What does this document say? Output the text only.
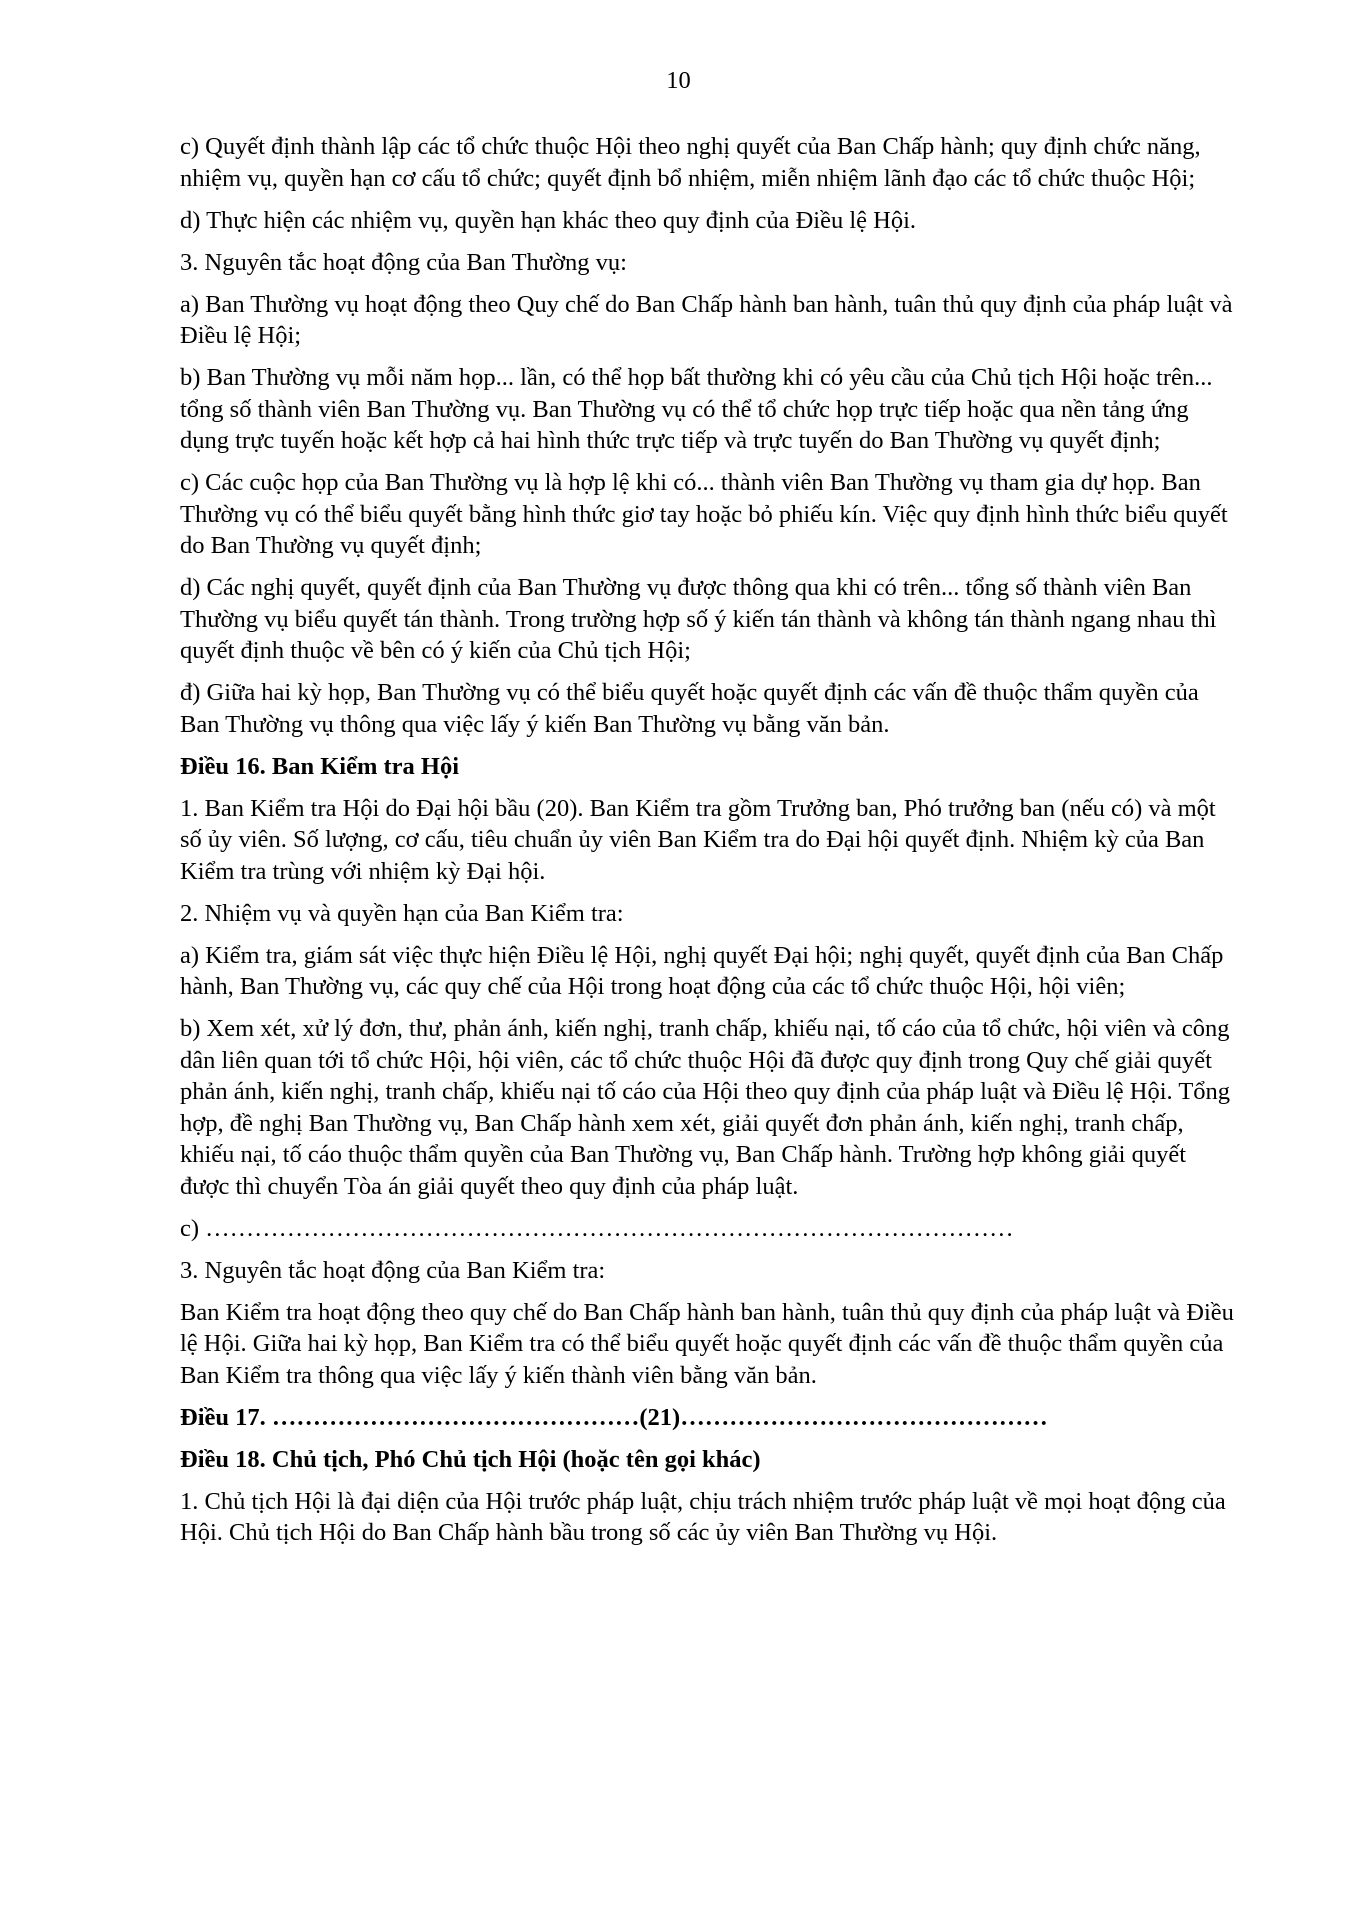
10

c) Quyết định thành lập các tổ chức thuộc Hội theo nghị quyết của Ban Chấp hành; quy định chức năng, nhiệm vụ, quyền hạn cơ cấu tổ chức; quyết định bổ nhiệm, miễn nhiệm lãnh đạo các tổ chức thuộc Hội;

d) Thực hiện các nhiệm vụ, quyền hạn khác theo quy định của Điều lệ Hội.

3. Nguyên tắc hoạt động của Ban Thường vụ:

a) Ban Thường vụ hoạt động theo Quy chế do Ban Chấp hành ban hành, tuân thủ quy định của pháp luật và Điều lệ Hội;

b) Ban Thường vụ mỗi năm họp... lần, có thể họp bất thường khi có yêu cầu của Chủ tịch Hội hoặc trên... tổng số thành viên Ban Thường vụ. Ban Thường vụ có thể tổ chức họp trực tiếp hoặc qua nền tảng ứng dụng trực tuyến hoặc kết hợp cả hai hình thức trực tiếp và trực tuyến do Ban Thường vụ quyết định;

c) Các cuộc họp của Ban Thường vụ là hợp lệ khi có... thành viên Ban Thường vụ tham gia dự họp. Ban Thường vụ có thể biểu quyết bằng hình thức giơ tay hoặc bỏ phiếu kín. Việc quy định hình thức biểu quyết do Ban Thường vụ quyết định;

d) Các nghị quyết, quyết định của Ban Thường vụ được thông qua khi có trên... tổng số thành viên Ban Thường vụ biểu quyết tán thành. Trong trường hợp số ý kiến tán thành và không tán thành ngang nhau thì quyết định thuộc về bên có ý kiến của Chủ tịch Hội;

đ) Giữa hai kỳ họp, Ban Thường vụ có thể biểu quyết hoặc quyết định các vấn đề thuộc thẩm quyền của Ban Thường vụ thông qua việc lấy ý kiến Ban Thường vụ bằng văn bản.

Điều 16. Ban Kiểm tra Hội

1. Ban Kiểm tra Hội do Đại hội bầu (20). Ban Kiểm tra gồm Trưởng ban, Phó trưởng ban (nếu có) và một số ủy viên. Số lượng, cơ cấu, tiêu chuẩn ủy viên Ban Kiểm tra do Đại hội quyết định. Nhiệm kỳ của Ban Kiểm tra trùng với nhiệm kỳ Đại hội.

2. Nhiệm vụ và quyền hạn của Ban Kiểm tra:

a) Kiểm tra, giám sát việc thực hiện Điều lệ Hội, nghị quyết Đại hội; nghị quyết, quyết định của Ban Chấp hành, Ban Thường vụ, các quy chế của Hội trong hoạt động của các tổ chức thuộc Hội, hội viên;

b) Xem xét, xử lý đơn, thư, phản ánh, kiến nghị, tranh chấp, khiếu nại, tố cáo của tổ chức, hội viên và công dân liên quan tới tổ chức Hội, hội viên, các tổ chức thuộc Hội đã được quy định trong Quy chế giải quyết phản ánh, kiến nghị, tranh chấp, khiếu nại tố cáo của Hội theo quy định của pháp luật và Điều lệ Hội. Tổng hợp, đề nghị Ban Thường vụ, Ban Chấp hành xem xét, giải quyết đơn phản ánh, kiến nghị, tranh chấp, khiếu nại, tố cáo thuộc thẩm quyền của Ban Thường vụ, Ban Chấp hành. Trường hợp không giải quyết được thì chuyển Tòa án giải quyết theo quy định của pháp luật.

c) ………………………………………………………………………………………

3. Nguyên tắc hoạt động của Ban Kiểm tra:

Ban Kiểm tra hoạt động theo quy chế do Ban Chấp hành ban hành, tuân thủ quy định của pháp luật và Điều lệ Hội. Giữa hai kỳ họp, Ban Kiểm tra có thể biểu quyết hoặc quyết định các vấn đề thuộc thẩm quyền của Ban Kiểm tra thông qua việc lấy ý kiến thành viên bằng văn bản.

Điều 17. ………………………………………(21)………………………………………

Điều 18. Chủ tịch, Phó Chủ tịch Hội (hoặc tên gọi khác)

1. Chủ tịch Hội là đại diện của Hội trước pháp luật, chịu trách nhiệm trước pháp luật về mọi hoạt động của Hội. Chủ tịch Hội do Ban Chấp hành bầu trong số các ủy viên Ban Thường vụ Hội.
